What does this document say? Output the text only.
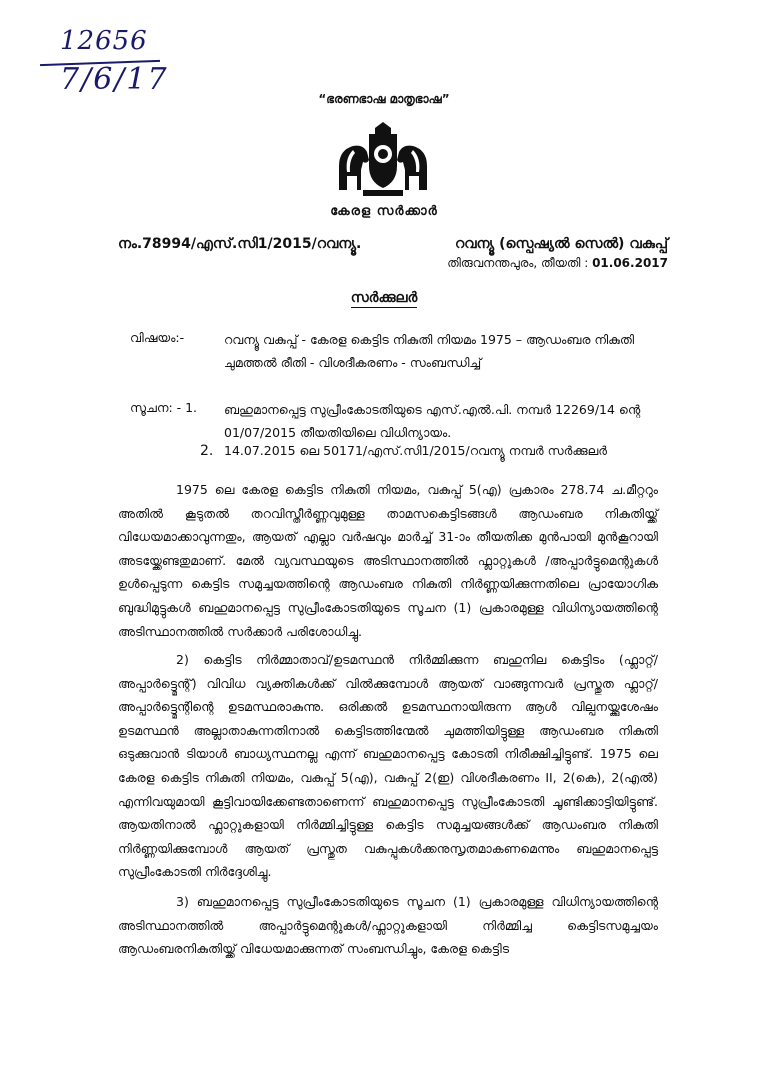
12656
7/6/17
“ഭരണഭാഷ മാതൃഭാഷ”
കേരള സർക്കാർ
നം.78994/എസ്.സി1/2015/റവന്യൂ.	റവന്യൂ (സ്പെഷ്യൽ സെൽ) വകുപ്പ്
തിരുവനന്തപുരം, തീയതി : 01.06.2017
സർക്കുലർ
വിഷയം:-	റവന്യൂ വകുപ്പ് - കേരള കെട്ടിട നികുതി നിയമം 1975 – ആഡംബര നികുതി ചുമത്തൽ രീതി - വിശദീകരണം - സംബന്ധിച്ച്
സൂചന: - 1. ബഹുമാനപ്പെട്ട സുപ്രീംകോടതിയുടെ എസ്.എൽ.പി. നമ്പർ 12269/14 ന്റെ 01/07/2015 തീയതിയിലെ വിധിന്യായം.
2. 14.07.2015 ലെ 50171/എസ്.സി1/2015/റവന്യൂ നമ്പർ സർക്കുലർ
1975 ലെ കേരള കെട്ടിട നികുതി നിയമം, വകുപ്പ് 5(എ) പ്രകാരം 278.74 ച.മീറ്ററും അതിൽ കൂടുതൽ തറവിസ്തീർണ്ണവുമുള്ള താമസകെട്ടിടങ്ങൾ ആഡംബര നികുതിയ്ക്ക് വിധേയമാക്കാവുന്നതും, ആയത് എല്ലാ വർഷവും മാർച്ച് 31-ാം തീയതിക്ക മുൻപായി മുൻകൂറായി അടയ്ക്കേണ്ടതുമാണ്. മേൽ വ്യവസ്ഥയുടെ അടിസ്ഥാനത്തിൽ ഫ്ലാറ്റുകൾ /അപ്പാർട്ടുമെന്റുകൾ ഉൾപ്പെടുന്ന കെട്ടിട സമുച്ചയത്തിന്റെ ആഡംബര നികുതി നിർണ്ണയിക്കുന്നതിലെ പ്രായോഗിക ബുദ്ധിമുട്ടുകൾ ബഹുമാനപ്പെട്ട സുപ്രീംകോടതിയുടെ സൂചന (1) പ്രകാരമുള്ള വിധിന്യായത്തിന്റെ അടിസ്ഥാനത്തിൽ സർക്കാർ പരിശോധിച്ചു.
2) കെട്ടിട നിർമ്മാതാവ്/ഉടമസ്ഥൻ നിർമ്മിക്കുന്ന ബഹുനില കെട്ടിടം (ഫ്ലാറ്റ്/അപ്പാർട്ട്മെന്റ്) വിവിധ വ്യക്തികൾക്ക് വിൽക്കുമ്പോൾ ആയത് വാങ്ങുന്നവർ പ്രസ്തുത ഫ്ലാറ്റ്/അപ്പാർട്ട്മെന്റിന്റെ ഉടമസ്ഥരാകുന്നു. ഒരിക്കൽ ഉടമസ്ഥനായിരുന്ന ആൾ വില്പനയ്ക്കുശേഷം ഉടമസ്ഥൻ അല്ലാതാകുന്നതിനാൽ കെട്ടിടത്തിന്മേൽ ചുമത്തിയിട്ടുള്ള ആഡംബര നികുതി ഒടുക്കുവാൻ ടിയാൾ ബാധ്യസ്ഥനല്ല എന്ന് ബഹുമാനപ്പെട്ട കോടതി നിരീക്ഷിച്ചിട്ടുണ്ട്. 1975 ലെ കേരള കെട്ടിട നികുതി നിയമം, വകുപ്പ് 5(എ), വകുപ്പ് 2(ഇ) വിശദീകരണം II, 2(കെ), 2(എൽ) എന്നിവയുമായി കൂട്ടിവായിക്കേണ്ടതാണെന്ന് ബഹുമാനപ്പെട്ട സുപ്രീംകോടതി ചൂണ്ടിക്കാട്ടിയിട്ടുണ്ട്. ആയതിനാൽ ഫ്ലാറ്റുകളായി നിർമ്മിച്ചിട്ടുള്ള കെട്ടിട സമുച്ചയങ്ങൾക്ക് ആഡംബര നികുതി നിർണ്ണയിക്കുമ്പോൾ ആയത് പ്രസ്തുത വകുപ്പുകൾക്കനുസൃതമാകണമെന്നും ബഹുമാനപ്പെട്ട സുപ്രീംകോടതി നിർദ്ദേശിച്ചു.
3) ബഹുമാനപ്പെട്ട സുപ്രീംകോടതിയുടെ സൂചന (1) പ്രകാരമുള്ള വിധിന്യായത്തിന്റെ അടിസ്ഥാനത്തിൽ അപ്പാർട്ടുമെന്റുകൾ/ഫ്ലാറ്റുകളായി നിർമ്മിച്ച കെട്ടിടസമുച്ചയം ആഡംബരനികുതിയ്ക്ക് വിധേയമാക്കുന്നത് സംബന്ധിച്ചും, കേരള കെട്ടിട
